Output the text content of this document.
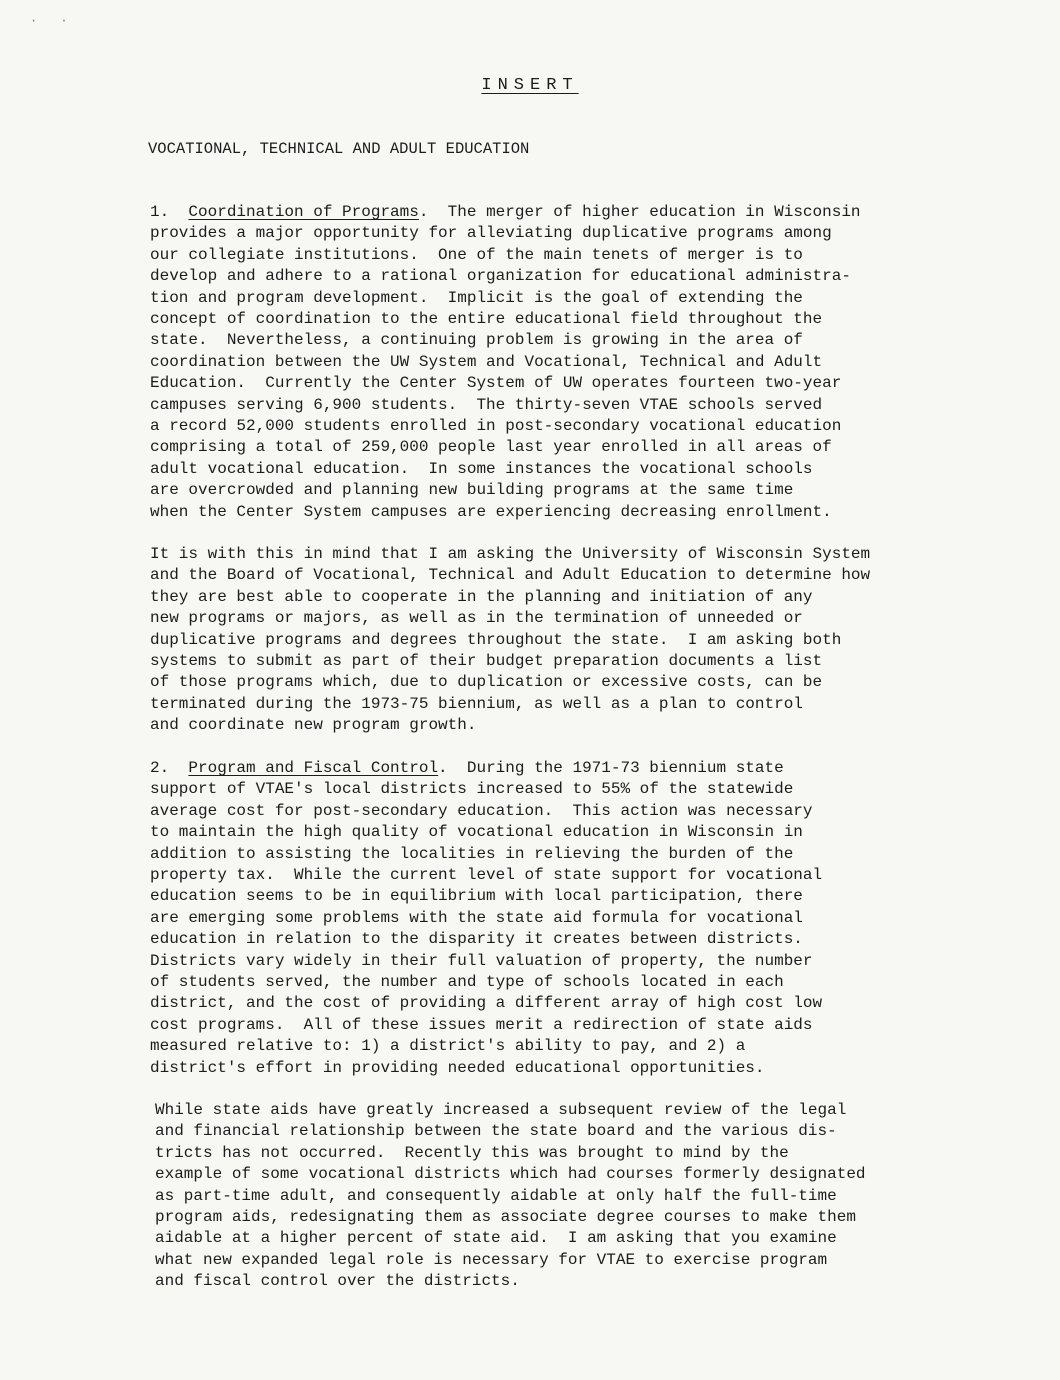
· ·
INSERT
VOCATIONAL, TECHNICAL AND ADULT EDUCATION
1. Coordination of Programs.  The merger of higher education in Wisconsin
provides a major opportunity for alleviating duplicative programs among
our collegiate institutions.  One of the main tenets of merger is to
develop and adhere to a rational organization for educational administra-
tion and program development.  Implicit is the goal of extending the
concept of coordination to the entire educational field throughout the
state.  Nevertheless, a continuing problem is growing in the area of
coordination between the UW System and Vocational, Technical and Adult
Education.  Currently the Center System of UW operates fourteen two-year
campuses serving 6,900 students.  The thirty-seven VTAE schools served
a record 52,000 students enrolled in post-secondary vocational education
comprising a total of 259,000 people last year enrolled in all areas of
adult vocational education.  In some instances the vocational schools
are overcrowded and planning new building programs at the same time
when the Center System campuses are experiencing decreasing enrollment.
It is with this in mind that I am asking the University of Wisconsin System
and the Board of Vocational, Technical and Adult Education to determine how
they are best able to cooperate in the planning and initiation of any
new programs or majors, as well as in the termination of unneeded or
duplicative programs and degrees throughout the state.  I am asking both
systems to submit as part of their budget preparation documents a list
of those programs which, due to duplication or excessive costs, can be
terminated during the 1973-75 biennium, as well as a plan to control
and coordinate new program growth.
2. Program and Fiscal Control.  During the 1971-73 biennium state
support of VTAE's local districts increased to 55% of the statewide
average cost for post-secondary education.  This action was necessary
to maintain the high quality of vocational education in Wisconsin in
addition to assisting the localities in relieving the burden of the
property tax.  While the current level of state support for vocational
education seems to be in equilibrium with local participation, there
are emerging some problems with the state aid formula for vocational
education in relation to the disparity it creates between districts.
Districts vary widely in their full valuation of property, the number
of students served, the number and type of schools located in each
district, and the cost of providing a different array of high cost low
cost programs.  All of these issues merit a redirection of state aids
measured relative to: 1) a district's ability to pay, and 2) a
district's effort in providing needed educational opportunities.
While state aids have greatly increased a subsequent review of the legal
and financial relationship between the state board and the various dis-
tricts has not occurred.  Recently this was brought to mind by the
example of some vocational districts which had courses formerly designated
as part-time adult, and consequently aidable at only half the full-time
program aids, redesignating them as associate degree courses to make them
aidable at a higher percent of state aid.  I am asking that you examine
what new expanded legal role is necessary for VTAE to exercise program
and fiscal control over the districts.
